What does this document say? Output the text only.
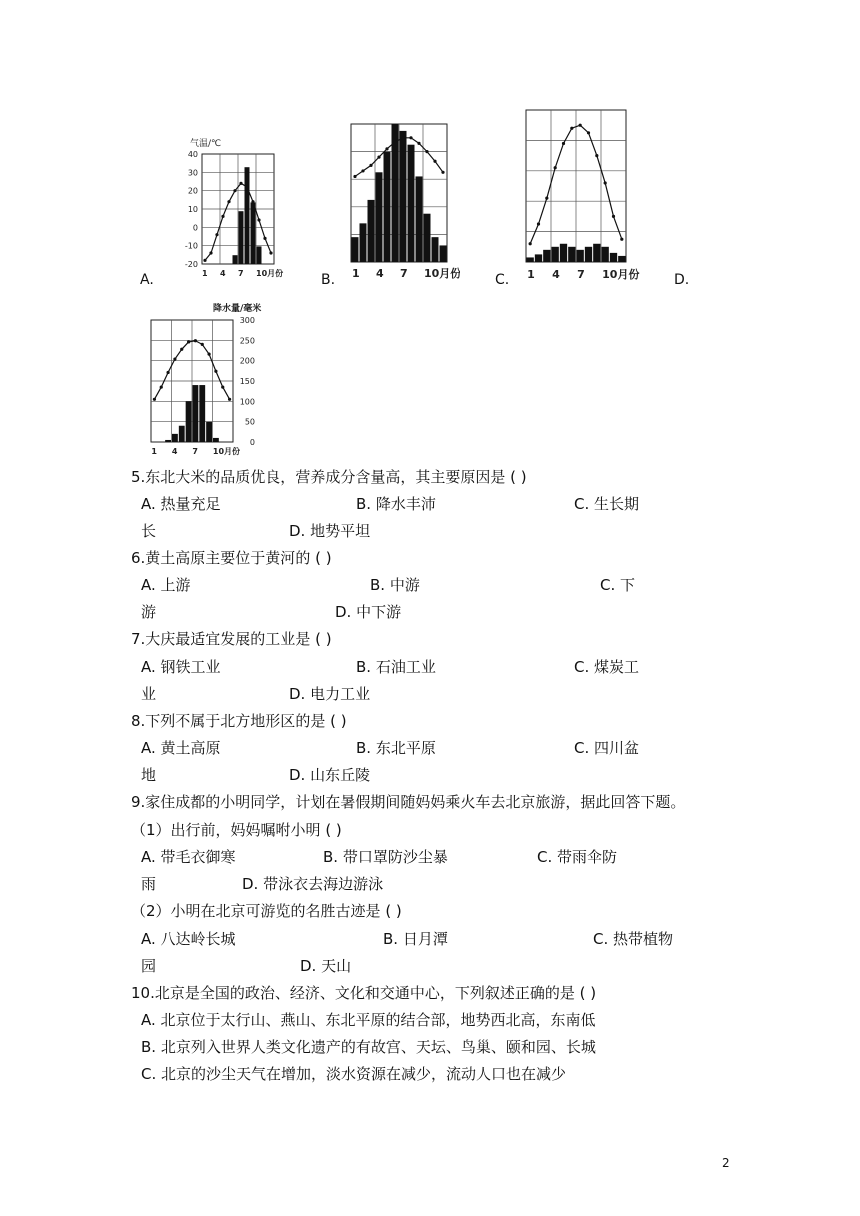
A.	B.	C.	D.
气温/℃
1 4 7 10月份
40
30
20
10
0
-10
-20
1 4 7 10月份	1 4 7 10月份
降水量/毫米
1 4 7 10月份
300
250
200
150
100
50
0
5.东北大米的品质优良，营养成分含量高，其主要原因是 ( )
A. 热量充足	B. 降水丰沛	C. 生长期
长	D. 地势平坦
6.黄土高原主要位于黄河的 ( )
A. 上游	B. 中游	C. 下
游	D. 中下游
7.大庆最适宜发展的工业是 ( )
A. 钢铁工业	B. 石油工业	C. 煤炭工
业	D. 电力工业
8.下列不属于北方地形区的是 ( )
A. 黄土高原	B. 东北平原	C. 四川盆
地	D. 山东丘陵
9.家住成都的小明同学，计划在暑假期间随妈妈乘火车去北京旅游，据此回答下题。
（1）出行前，妈妈嘱咐小明 ( )
A. 带毛衣御寒	B. 带口罩防沙尘暴	C. 带雨伞防
雨	D. 带泳衣去海边游泳
（2）小明在北京可游览的名胜古迹是 ( )
A. 八达岭长城	B. 日月潭	C. 热带植物
园	D. 天山
10.北京是全国的政治、经济、文化和交通中心，下列叙述正确的是 ( )
A. 北京位于太行山、燕山、东北平原的结合部，地势西北高，东南低
B. 北京列入世界人类文化遗产的有故宫、天坛、鸟巢、颐和园、长城
C. 北京的沙尘天气在增加，淡水资源在减少，流动人口也在减少
2
